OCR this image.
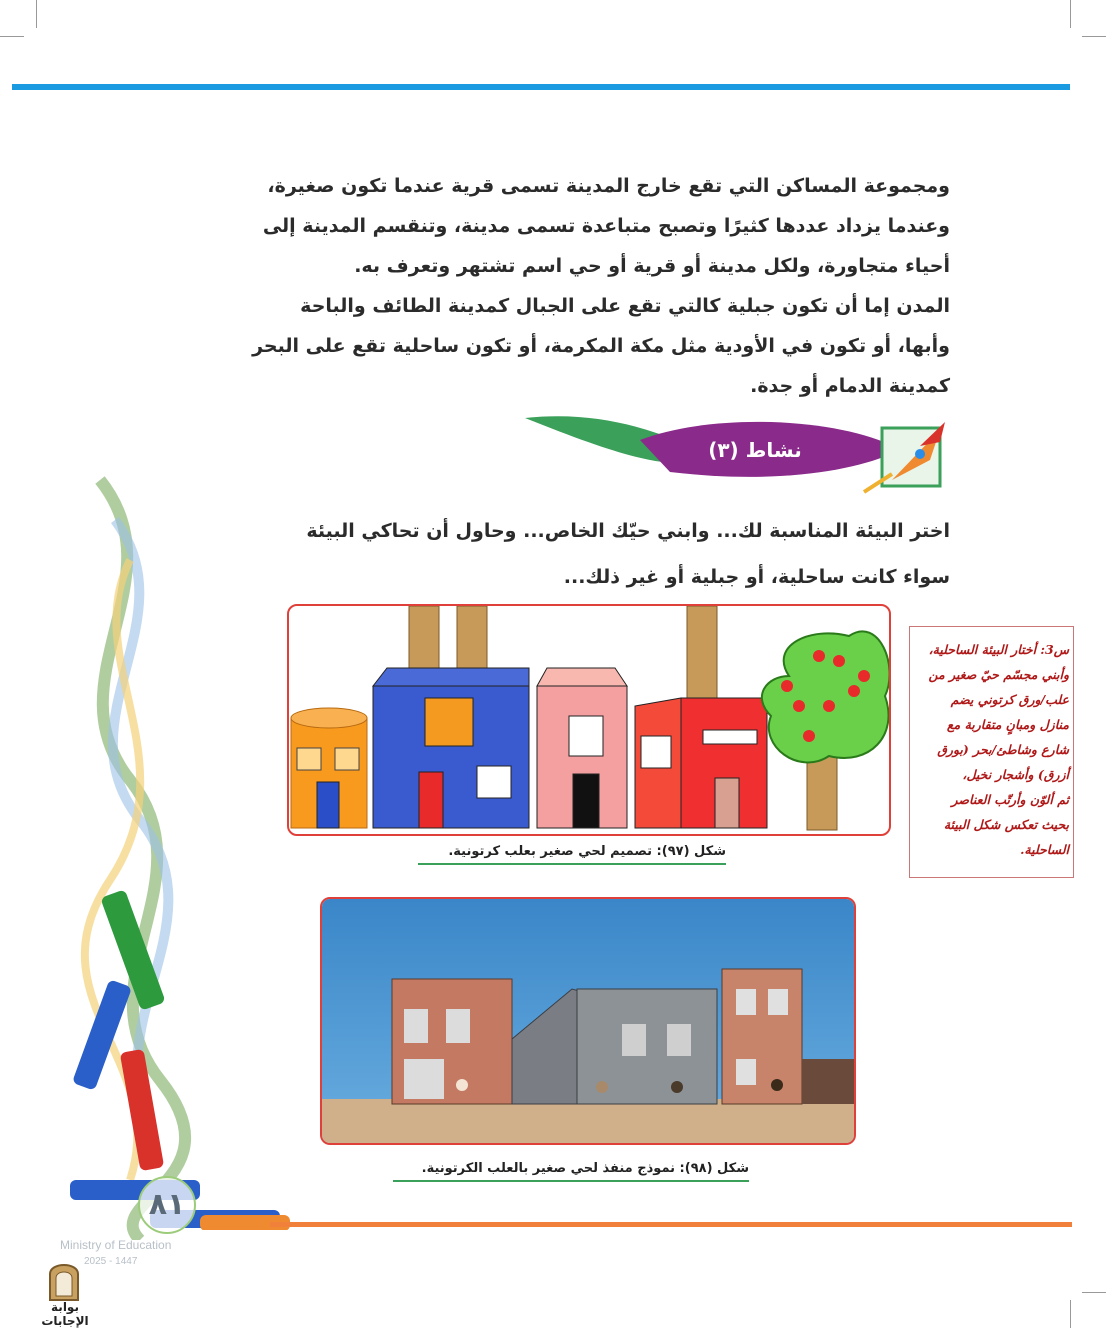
ومجموعة المساكن التي تقع خارج المدينة تسمى قرية عندما تكون صغيرة،
وعندما يزداد عددها كثيرًا وتصبح متباعدة تسمى مدينة، وتنقسم المدينة إلى
أحياء متجاورة، ولكل مدينة أو قرية أو حي اسم تشتهر وتعرف به.
المدن إما أن تكون جبلية كالتي تقع على الجبال كمدينة الطائف والباحة
وأبها، أو تكون في الأودية مثل مكة المكرمة، أو تكون ساحلية تقع على البحر
كمدينة الدمام أو جدة.
نشاط (٣)
اختر البيئة المناسبة لك... وابني حيّك الخاص... وحاول أن تحاكي البيئة
سواء كانت ساحلية، أو جبلية أو غير ذلك...
شكل (٩٧): تصميم لحي صغير بعلب كرتونية.
س3: أختار البيئة الساحلية،
وأبني مجسّم حيّ صغير من
علب/ورق كرتوني يضم
منازل ومبانٍ متقاربة مع
شارع وشاطئ/بحر (بورق
أزرق) وأشجار نخيل،
ثم ألوّن وأرتّب العناصر
بحيث تعكس شكل البيئة
الساحلية.
شكل (٩٨): نموذج منفذ لحي صغير بالعلب الكرتونية.
٨١
Ministry of Education
2025 - 1447
بوابة الإجابات
